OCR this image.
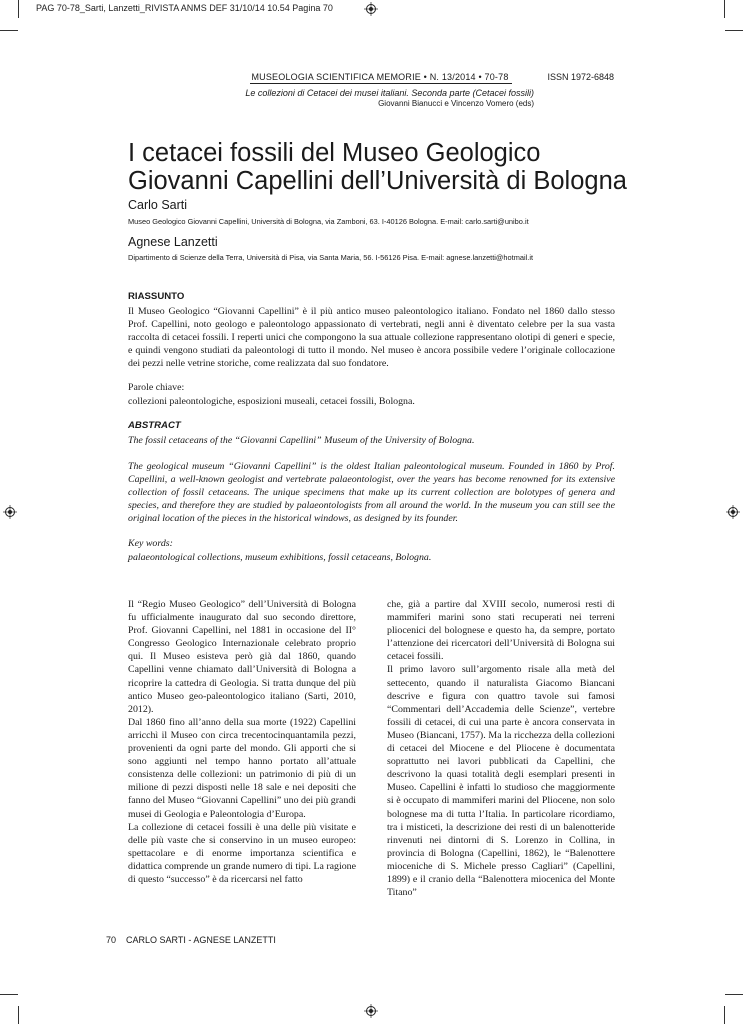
PAG 70-78_Sarti, Lanzetti_RIVISTA ANMS DEF 31/10/14 10.54 Pagina 70
MUSEOLOGIA SCIENTIFICA MEMORIE • N. 13/2014 • 70-78	ISSN 1972-6848
Le collezioni di Cetacei dei musei italiani. Seconda parte (Cetacei fossili)
Giovanni Bianucci e Vincenzo Vomero (eds)
I cetacei fossili del Museo Geologico
Giovanni Capellini dell’Università di Bologna
Carlo Sarti
Museo Geologico Giovanni Capellini, Università di Bologna, via Zamboni, 63. I-40126 Bologna. E-mail: carlo.sarti@unibo.it
Agnese Lanzetti
Dipartimento di Scienze della Terra, Università di Pisa, via Santa Maria, 56. I-56126 Pisa. E-mail: agnese.lanzetti@hotmail.it
RIASSUNTO
Il Museo Geologico “Giovanni Capellini” è il più antico museo paleontologico italiano. Fondato nel 1860 dallo stesso Prof. Capellini, noto geologo e paleontologo appassionato di vertebrati, negli anni è diventato celebre per la sua vasta raccolta di cetacei fossili. I reperti unici che compongono la sua attuale collezione rappresentano olotipi di generi e specie, e quindi vengono studiati da paleontologi di tutto il mondo. Nel museo è ancora possibile vedere l’originale collocazione dei pezzi nelle vetrine storiche, come realizzata dal suo fondatore.
Parole chiave:
collezioni paleontologiche, esposizioni museali, cetacei fossili, Bologna.
ABSTRACT
The fossil cetaceans of the “Giovanni Capellini” Museum of the University of Bologna.
The geological museum “Giovanni Capellini” is the oldest Italian paleontological museum. Founded in 1860 by Prof. Capellini, a well-known geologist and vertebrate palaeontologist, over the years has become renowned for its extensive collection of fossil cetaceans. The unique specimens that make up its current collection are bolotypes of genera and species, and therefore they are studied by palaeontologists from all around the world. In the museum you can still see the original location of the pieces in the historical windows, as designed by its founder.
Key words:
palaeontological collections, museum exhibitions, fossil cetaceans, Bologna.

Il “Regio Museo Geologico” dell’Università di Bologna fu ufficialmente inaugurato dal suo secondo direttore, Prof. Giovanni Capellini, nel 1881 in occasione del II° Congresso Geologico Internazionale celebrato proprio qui. Il Museo esisteva però già dal 1860, quando Capellini venne chiamato dall’Università di Bologna a ricoprire la cattedra di Geologia. Si tratta dunque del più antico Museo geo-paleontologico italiano (Sarti, 2010, 2012).

Dal 1860 fino all’anno della sua morte (1922) Capellini arricchì il Museo con circa trecentocinquantamila pezzi, provenienti da ogni parte del mondo. Gli apporti che si sono aggiunti nel tempo hanno portato all’attuale consistenza delle collezioni: un patrimonio di più di un milione di pezzi disposti nelle 18 sale e nei depositi che fanno del Museo “Giovanni Capellini” uno dei più grandi musei di Geologia e Paleontologia d’Europa.

La collezione di cetacei fossili è una delle più visitate e delle più vaste che si conservino in un museo europeo: spettacolare e di enorme importanza scientifica e didattica comprende un grande numero di tipi. La ragione di questo “successo” è da ricercarsi nel fatto

che, già a partire dal XVIII secolo, numerosi resti di mammiferi marini sono stati recuperati nei terreni pliocenici del bolognese e questo ha, da sempre, portato l’attenzione dei ricercatori dell’Università di Bologna sui cetacei fossili.

Il primo lavoro sull’argomento risale alla metà del settecento, quando il naturalista Giacomo Biancani descrive e figura con quattro tavole sui famosi “Commentari dell’Accademia delle Scienze”, vertebre fossili di cetacei, di cui una parte è ancora conservata in Museo (Biancani, 1757). Ma la ricchezza della collezioni di cetacei del Miocene e del Pliocene è documentata soprattutto nei lavori pubblicati da Capellini, che descrivono la quasi totalità degli esemplari presenti in Museo. Capellini è infatti lo studioso che maggiormente si è occupato di mammiferi marini del Pliocene, non solo bolognese ma di tutta l’Italia. In particolare ricordiamo, tra i misticeti, la descrizione dei resti di un balenotteride rinvenuti nei dintorni di S. Lorenzo in Collina, in provincia di Bologna (Capellini, 1862), le “Balenottere mioceniche di S. Michele presso Cagliari” (Capellini, 1899) e il cranio della “Balenottera miocenica del Monte Titano”

70 CARLO SARTI - AGNESE LANZETTI
